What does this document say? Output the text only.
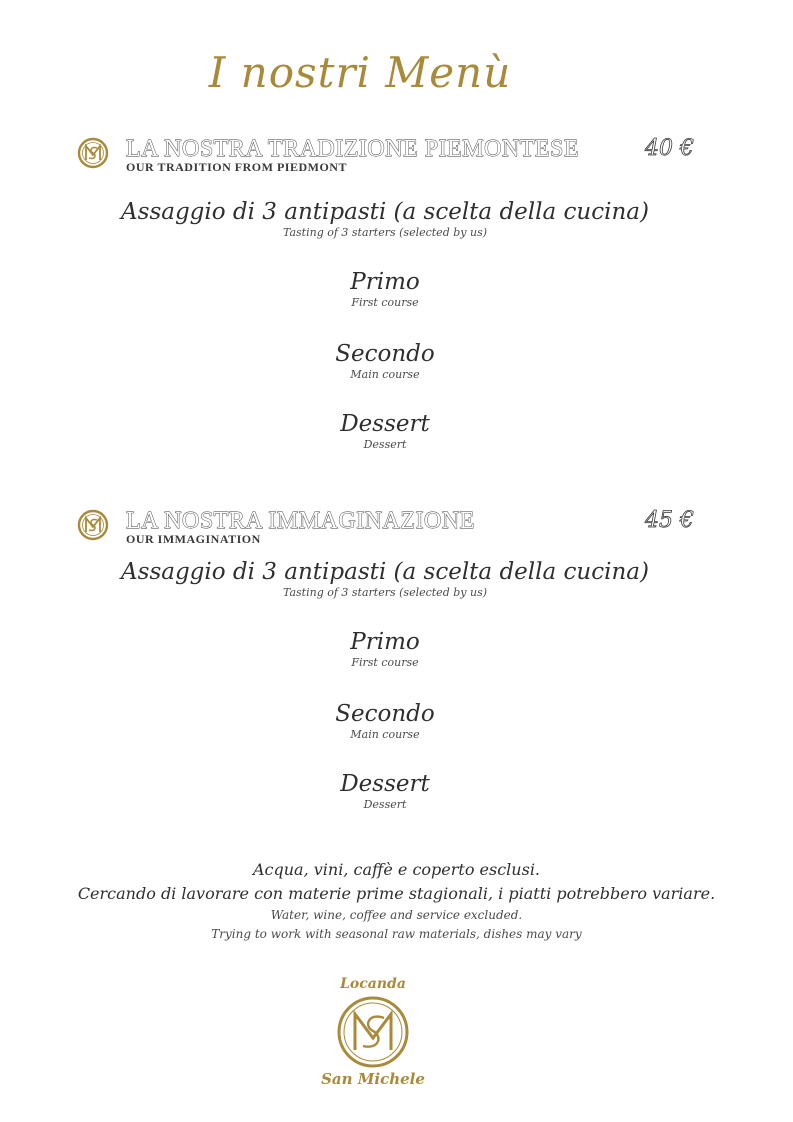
I nostri Menù
LA NOSTRA TRADIZIONE PIEMONTESE
OUR TRADITION FROM PIEDMONT
40 €
Assaggio di 3 antipasti (a scelta della cucina)
Tasting of 3 starters (selected by us)
Primo
First course
Secondo
Main course
Dessert
Dessert
LA NOSTRA IMMAGINAZIONE
OUR IMMAGINATION
45 €
Assaggio di 3 antipasti (a scelta della cucina)
Tasting of 3 starters (selected by us)
Primo
First course
Secondo
Main course
Dessert
Dessert
Acqua, vini, caffè e coperto esclusi.
Cercando di lavorare con materie prime stagionali, i piatti potrebbero variare.
Water, wine, coffee and service excluded.
Trying to work with seasonal raw materials, dishes may vary
Locanda
San Michele
